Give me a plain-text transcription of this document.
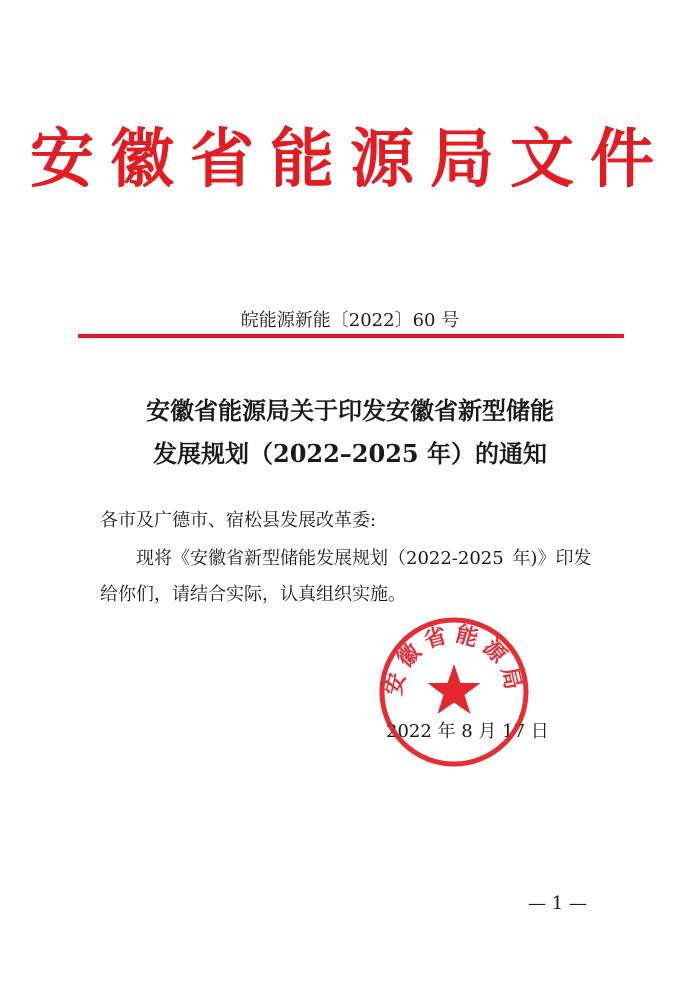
安徽省能源局文件
皖能源新能〔2022〕60 号
安徽省能源局关于印发安徽省新型储能
发展规划（2022–2025 年）的通知
各市及广德市、宿松县发展改革委:
现将《安徽省新型储能发展规划（2022-2025 年)》印发
给你们，请结合实际，认真组织实施。
2022 年 8 月 17 日
安徽省能源局
— 1 —
